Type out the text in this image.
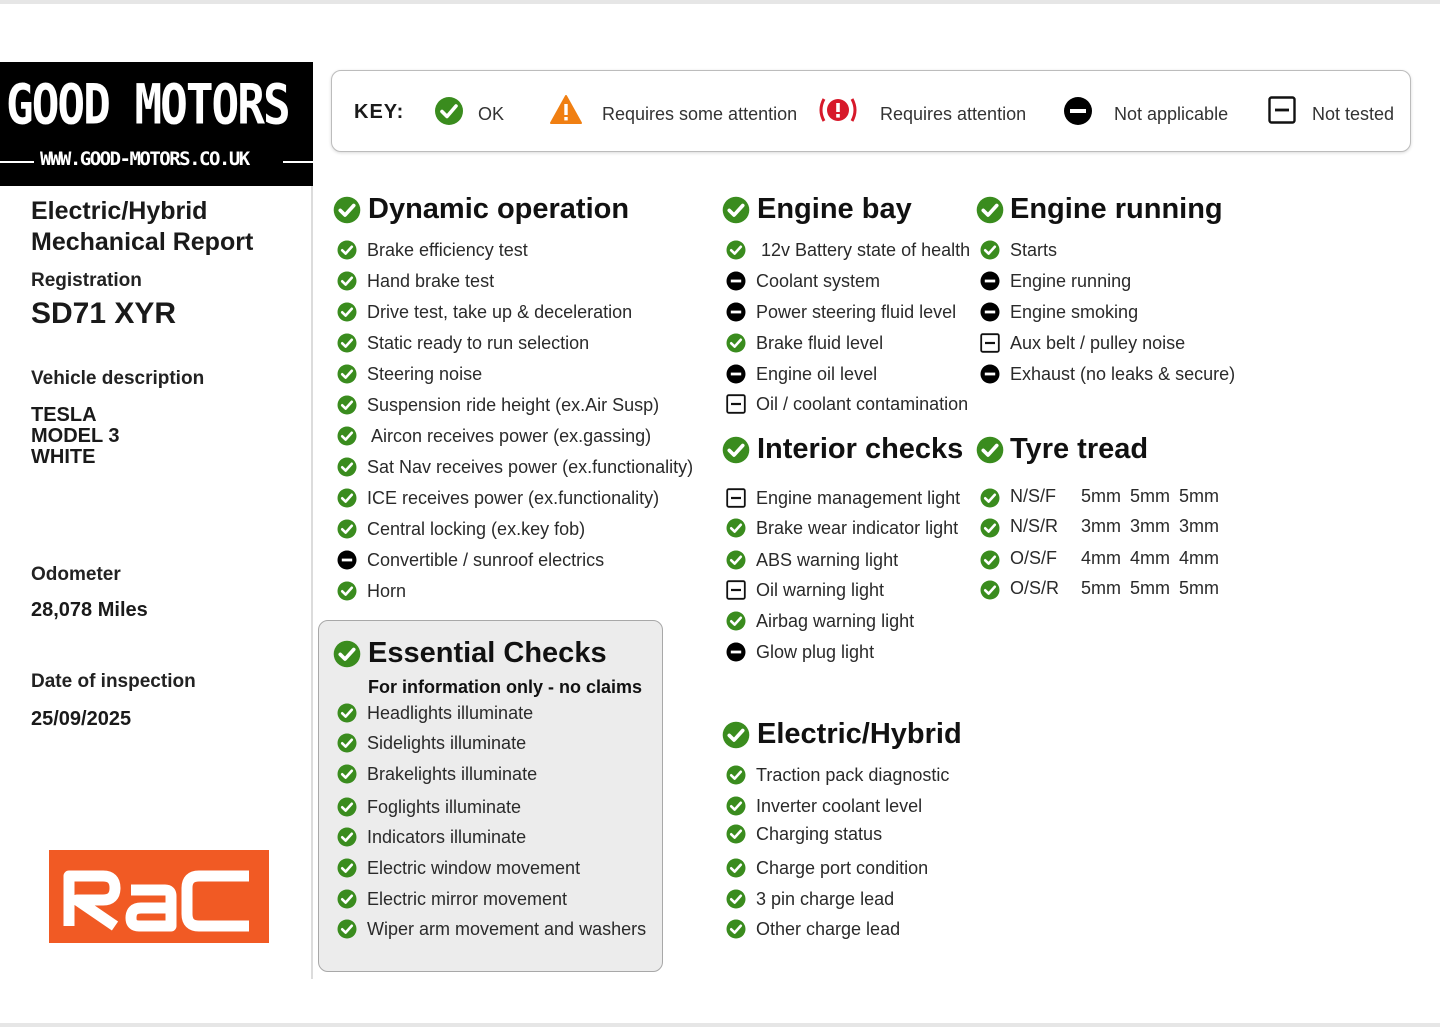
GOOD MOTORS
WWW.GOOD-MOTORS.CO.UK
Electric/Hybrid Mechanical Report
Registration
SD71 XYR
Vehicle description
TESLA
MODEL 3
WHITE
Odometer
28,078 Miles
Date of inspection
25/09/2025
KEY:	OK	Requires some attention	Requires attention	Not applicable	Not tested
For information only - no claims
Dynamic operation
Brake efficiency test
Hand brake test
Drive test, take up & deceleration
Static ready to run selection
Steering noise
Suspension ride height (ex.Air Susp)
Aircon receives power (ex.gassing)
Sat Nav receives power (ex.functionality)
ICE receives power (ex.functionality)
Central locking (ex.key fob)
Convertible / sunroof electrics
Horn
Essential Checks
Headlights illuminate
Sidelights illuminate
Brakelights illuminate
Foglights illuminate
Indicators illuminate
Electric window movement
Electric mirror movement
Wiper arm movement and washers
Engine bay
12v Battery state of health
Coolant system
Power steering fluid level
Brake fluid level
Engine oil level
Oil / coolant contamination
Interior checks
Engine management light
Brake wear indicator light
ABS warning light
Oil warning light
Airbag warning light
Glow plug light
Electric/Hybrid
Traction pack diagnostic
Inverter coolant level
Charging status
Charge port condition
3 pin charge lead
Other charge lead
Engine running
Starts
Engine running
Engine smoking
Aux belt / pulley noise
Exhaust (no leaks & secure)
Tyre tread
N/S/F 5mm 5mm 5mm
N/S/R 3mm 3mm 3mm
O/S/F 4mm 4mm 4mm
O/S/R 5mm 5mm 5mm
